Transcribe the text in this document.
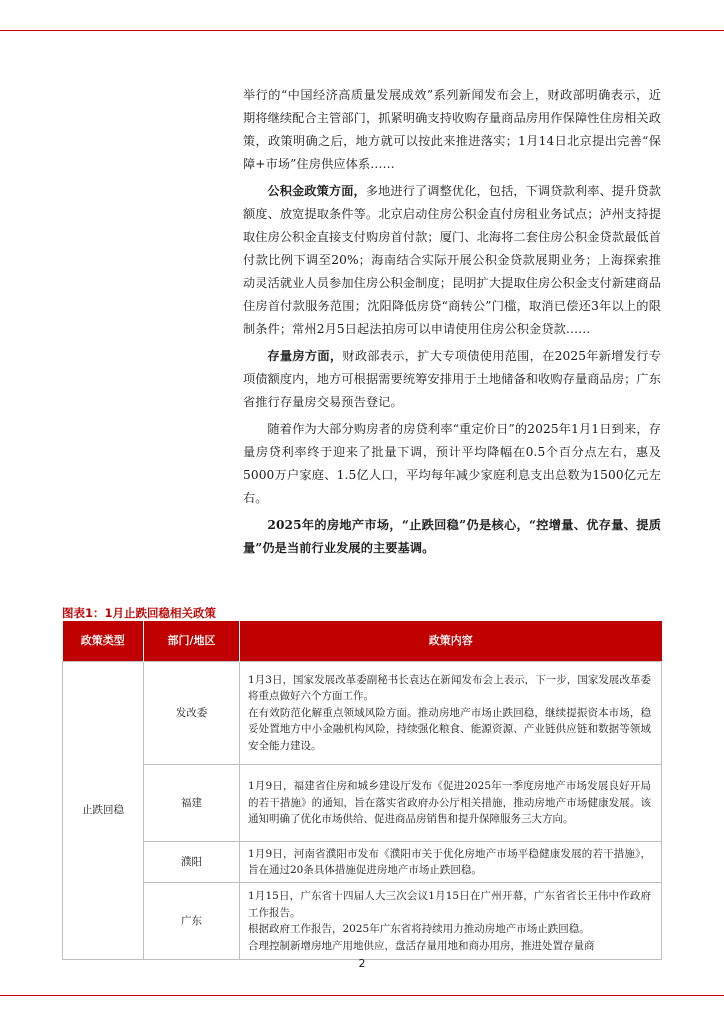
举行的“中国经济高质量发展成效”系列新闻发布会上，财政部明确表示，近期将继续配合主管部门，抓紧明确支持收购存量商品房用作保障性住房相关政策，政策明确之后，地方就可以按此来推进落实；1月14日北京提出完善“保障+市场”住房供应体系……

公积金政策方面，多地进行了调整优化，包括，下调贷款利率、提升贷款额度、放宽提取条件等。北京启动住房公积金直付房租业务试点；泸州支持提取住房公积金直接支付购房首付款；厦门、北海将二套住房公积金贷款最低首付款比例下调至20%；海南结合实际开展公积金贷款展期业务；上海探索推动灵活就业人员参加住房公积金制度；昆明扩大提取住房公积金支付新建商品住房首付款服务范围；沈阳降低房贷“商转公”门槛，取消已偿还3年以上的限制条件；常州2月5日起法拍房可以申请使用住房公积金贷款……

存量房方面，财政部表示，扩大专项债使用范围，在2025年新增发行专项债额度内，地方可根据需要统筹安排用于土地储备和收购存量商品房；广东省推行存量房交易预告登记。

随着作为大部分购房者的房贷利率“重定价日”的2025年1月1日到来，存量房贷利率终于迎来了批量下调，预计平均降幅在0.5个百分点左右，惠及5000万户家庭、1.5亿人口，平均每年减少家庭利息支出总数为1500亿元左右。

2025年的房地产市场，“止跌回稳”仍是核心，“控增量、优存量、提质量”仍是当前行业发展的主要基调。

图表1：1月止跌回稳相关政策
政策类型	部门/地区	政策内容
止跌回稳	发改委	1月3日，国家发展改革委副秘书长袁达在新闻发布会上表示，下一步，国家发展改革委将重点做好六个方面工作。

在有效防范化解重点领域风险方面。推动房地产市场止跌回稳，继续提振资本市场，稳妥处置地方中小金融机构风险，持续强化粮食、能源资源、产业链供应链和数据等领域安全能力建设。

	福建	1月9日，福建省住房和城乡建设厅发布《促进2025年一季度房地产市场发展良好开局的若干措施》的通知，旨在落实省政府办公厅相关措施，推动房地产市场健康发展。该通知明确了优化市场供给、促进商品房销售和提升保障服务三大方向。

	濮阳	1月9日，河南省濮阳市发布《濮阳市关于优化房地产市场平稳健康发展的若干措施》，旨在通过20条具体措施促进房地产市场止跌回稳。

	广东	1月15日，广东省十四届人大三次会议1月15日在广州开幕，广东省省长王伟中作政府工作报告。

根据政府工作报告，2025年广东省将持续用力推动房地产市场止跌回稳。

合理控制新增房地产用地供应，盘活存量用地和商办用房，推进处置存量商

2
